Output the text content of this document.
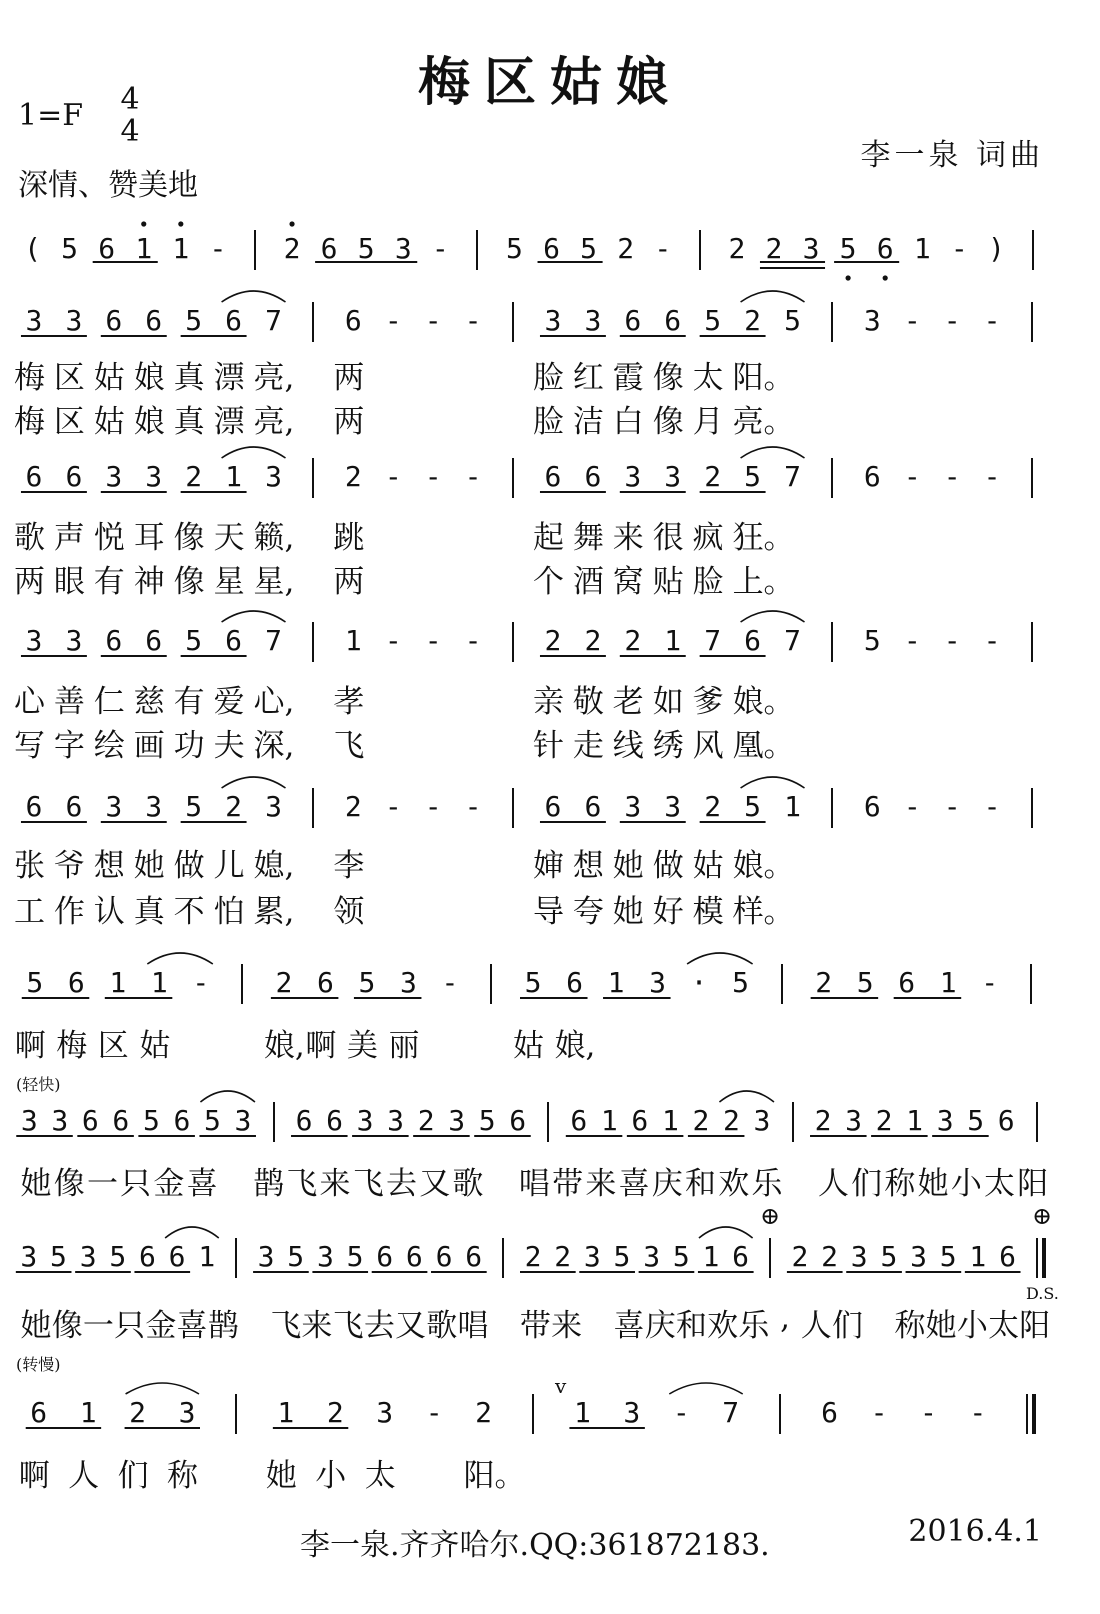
梅区姑娘
1=F 4
4
李一泉 词曲
深情、赞美地
( 5 6 1 1 - 2 6 5 3 - 5 6 5 2 - 2 2 3 5 6 1 - )
3 3 6 6 5 6 7 6 - - - 3 3 6 6 5 2 5 3 - - -
梅 区 姑 娘 真 漂 亮,	两	脸 红 霞 像 太 阳。
梅 区 姑 娘 真 漂 亮,	两	脸 洁 白 像 月 亮。
6 6 3 3 2 1 3 2 - - - 6 6 3 3 2 5 7 6 - - -
歌 声 悦 耳 像 天 籁,	跳	起 舞 来 很 疯 狂。
两 眼 有 神 像 星 星,	两	个 酒 窝 贴 脸 上。
3 3 6 6 5 6 7 1 - - - 2 2 2 1 7 6 7 5 - - -
心 善 仁 慈 有 爱 心,	孝	亲 敬 老 如 爹 娘。
写 字 绘 画 功 夫 深,	飞	针 走 线 绣 风 凰。
6 6 3 3 5 2 3 2 - - - 6 6 3 3 2 5 1 6 - - -
张 爷 想 她 做 儿 媳,	李	婶 想 她 做 姑 娘。
工 作 认 真 不 怕 累,	领	导 夸 她 好 模 样。
5 6 1 1 - 2 6 5 3 - 5 6 1 3 · 5 2 5 6 1 -
啊 梅 区 姑	娘, 啊 美 丽	姑 娘,
3 3 6 6 5 6 5 3 6 6 3 3 2 3 5 6 6 1 6 1 2 2 3 2 3 2 1 3 5 6
她 像 一 只 金 喜 鹊 飞 来 飞 去 又 歌 唱 带 来 喜 庆 和 欢 乐 人 们 称 她 小 太 阳
3 5 3 5 6 6 1 3 5 3 5 6 6 6 6 2 2 3 5 3 5 1 6 2 2 3 5 3 5 1 6
她 像 一 只 金 喜 鹊 飞 来 飞 去 又 歌 唱 带 来 喜 庆 和 欢 乐 , 人 们 称 她 小 太 阳
6 1 2 3	1 2 3 - 2	1 3 - 7	6 - - -
啊 人 们 称	她 小 太	阳。
(轻快)
(转慢)
D.S.
⊕	⊕
v
李一泉.齐齐哈尔.QQ:361872183.	2016.4.1
